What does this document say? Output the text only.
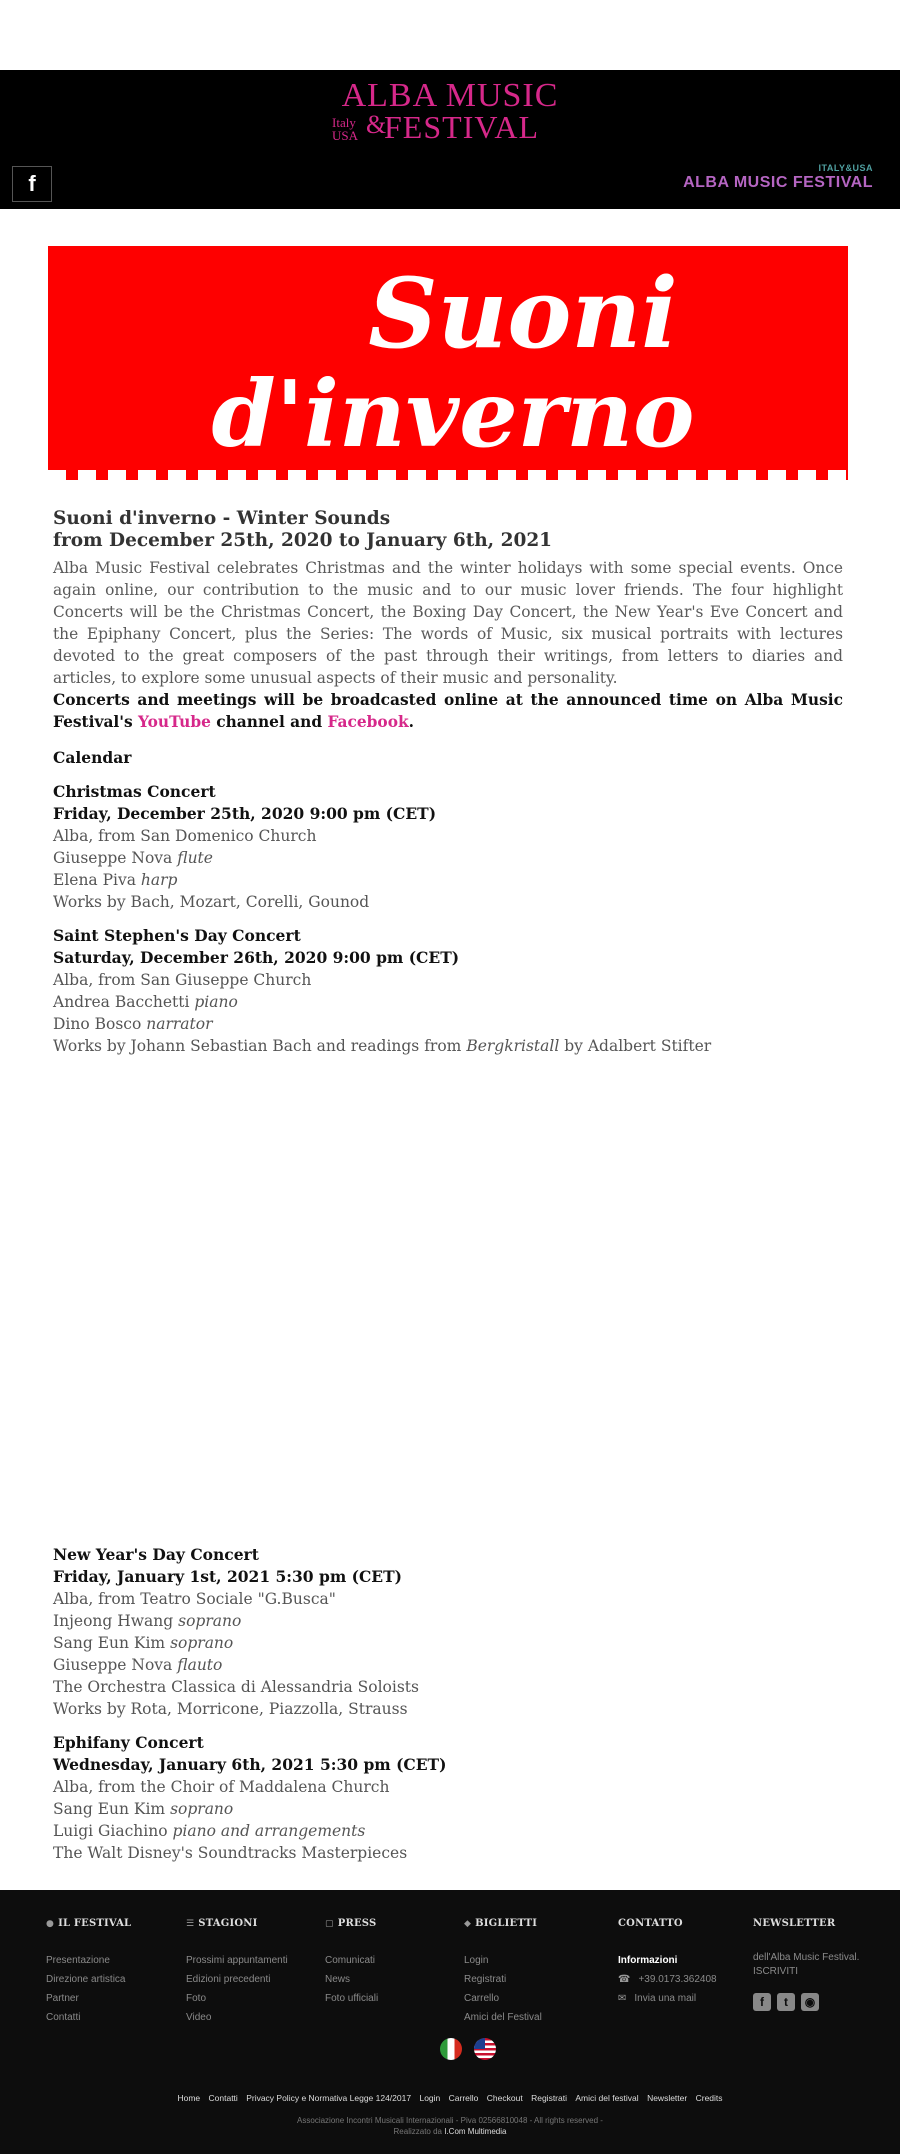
ALBA MUSIC
Italy
USA &
FESTIVAL
f
ITALY&USA
ALBA MUSIC FESTIVAL
Suoni
d'inverno
Suoni d'inverno - Winter Sounds
from December 25th, 2020 to January 6th, 2021

Alba Music Festival celebrates Christmas and the winter holidays with some special events. Once again online, our contribution to the music and to our music lover friends. The four highlight Concerts will be the Christmas Concert, the Boxing Day Concert, the New Year's Eve Concert and the Epiphany Concert, plus the Series: The words of Music, six musical portraits with lectures devoted to the great composers of the past through their writings, from letters to diaries and articles, to explore some unusual aspects of their music and personality.

Concerts and meetings will be broadcasted online at the announced time on Alba Music Festival's YouTube channel and Facebook.

Calendar
Christmas Concert
Friday, December 25th, 2020 9:00 pm (CET)
Alba, from San Domenico Church
Giuseppe Nova flute
Elena Piva harp
Works by Bach, Mozart, Corelli, Gounod
Saint Stephen's Day Concert
Saturday, December 26th, 2020 9:00 pm (CET)
Alba, from San Giuseppe Church
Andrea Bacchetti piano
Dino Bosco narrator
Works by Johann Sebastian Bach and readings from Bergkristall by Adalbert Stifter
New Year's Day Concert
Friday, January 1st, 2021 5:30 pm (CET)
Alba, from Teatro Sociale "G.Busca"
Injeong Hwang soprano
Sang Eun Kim soprano
Giuseppe Nova flauto
The Orchestra Classica di Alessandria Soloists
Works by Rota, Morricone, Piazzolla, Strauss
Ephifany Concert
Wednesday, January 6th, 2021 5:30 pm (CET)
Alba, from the Choir of Maddalena Church
Sang Eun Kim soprano
Luigi Giachino piano and arrangements
The Walt Disney's Soundtracks Masterpieces
● IL FESTIVAL
Presentazione
Direzione artistica
Partner
Contatti
☰ STAGIONI
Prossimi appuntamenti
Edizioni precedenti
Foto
Video
▢ PRESS
Comunicati
News
Foto ufficiali
◆ BIGLIETTI
Login
Registrati
Carrello
Amici del Festival
CONTATTO
Informazioni
☎ +39.0173.362408
✉ Invia una mail
NEWSLETTER
dell'Alba Music Festival.
ISCRIVITI
f	t	◉
Home Contatti Privacy Policy e Normativa Legge 124/2017 Login Carrello Checkout Registrati Amici del festival Newsletter Credits
Associazione Incontri Musicali Internazionali - Piva 02566810048 - All rights reserved -
Realizzato da I.Com Multimedia
